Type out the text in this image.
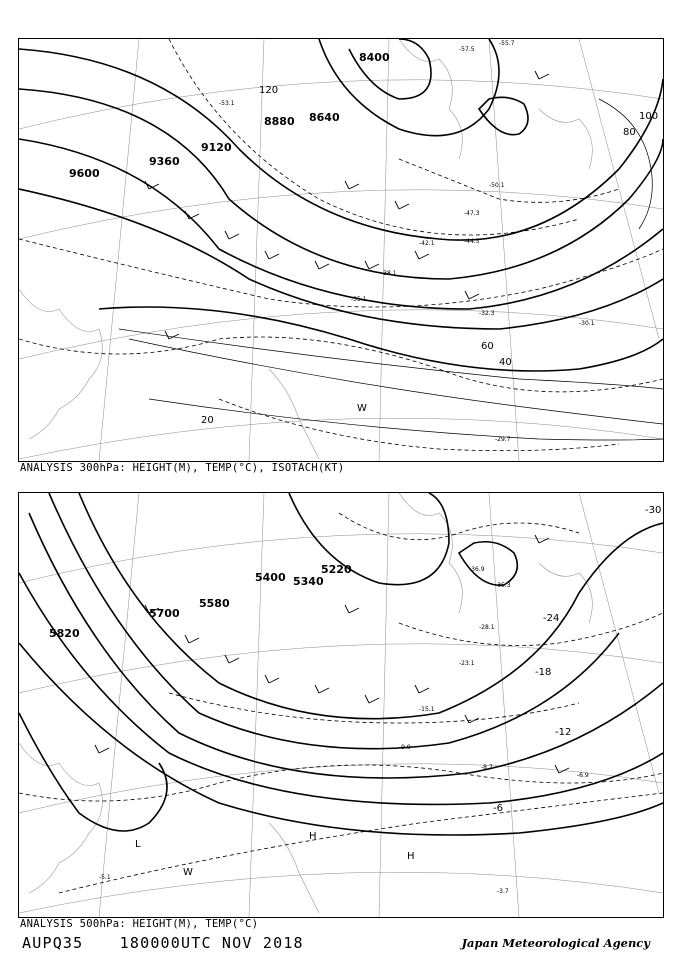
8400
8640
8880
9120
9360
9600
20
40
60
80
100
120
-57.5
-55.7
-53.1
-50.1
-47.3
-44.5
-42.1
-38.1
-35.1
-32.3
-30.1
-29.7
W
ANALYSIS 300hPa: HEIGHT(M), TEMP(°C), ISOTACH(KT)
5220
5340
5400
5580
5700
5820
-30
-24
-18
-12
-6
-36.9
-35.3
-28.1
-23.1
-15.1
-9.9
-8.7
-6.9
-3.7
-5.1
H
H
L
W
ANALYSIS 500hPa: HEIGHT(M), TEMP(°C)
AUPQ35 180000UTC NOV 2018	Japan Meteorological Agency
